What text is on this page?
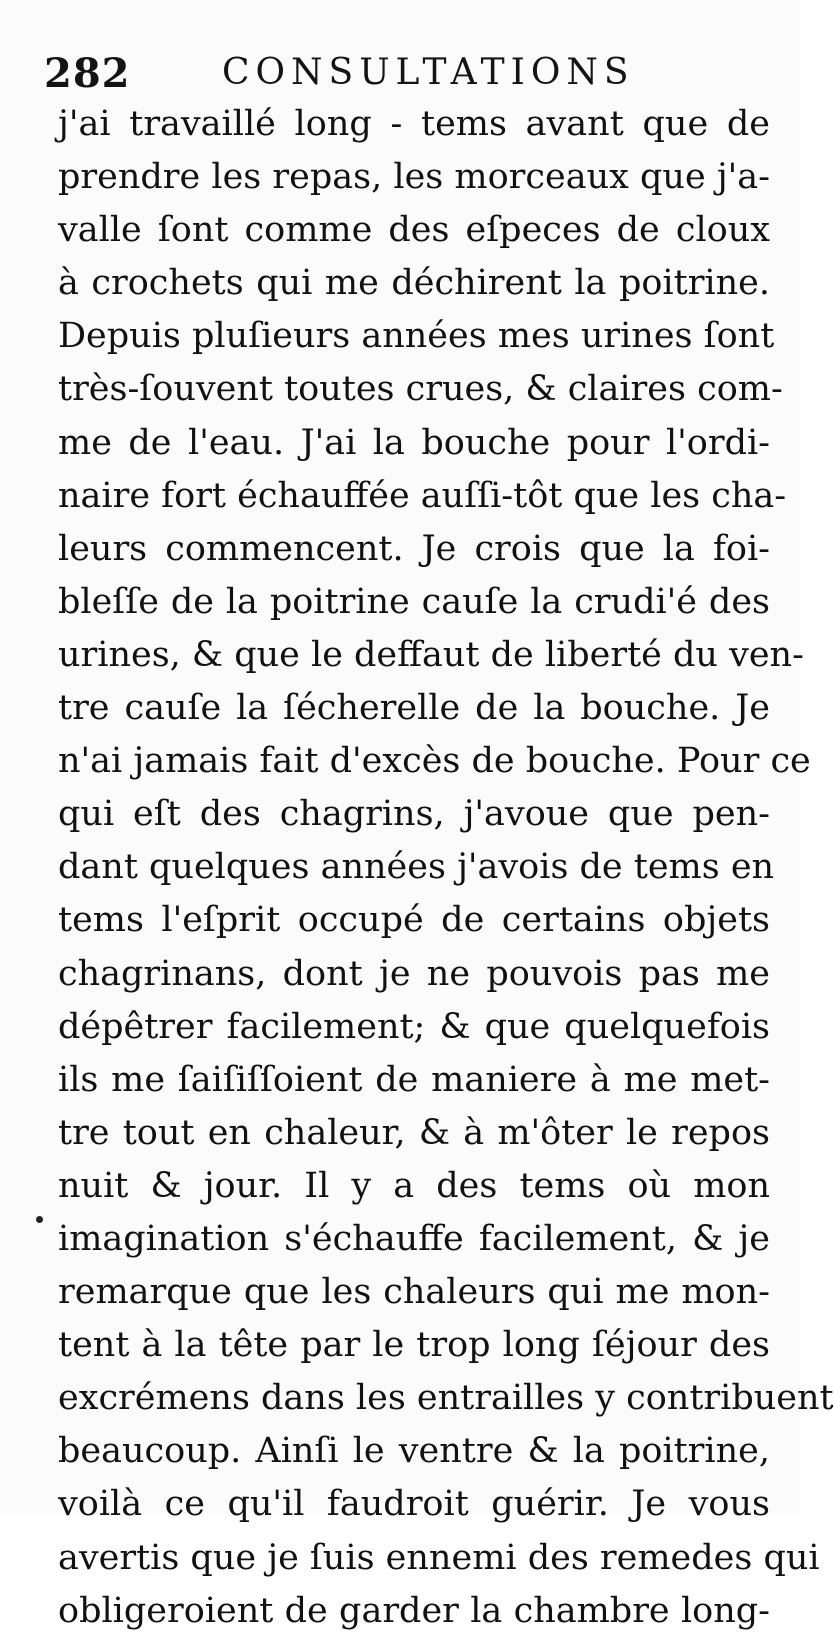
282	CONSULTATIONS
j'ai travaillé long - tems avant que de
prendre les repas, les morceaux que j'a-
valle ſont comme des eſpeces de cloux
à crochets qui me déchirent la poitrine.
Depuis pluſieurs années mes urines ſont
très-ſouvent toutes crues, & claires com-
me de l'eau. J'ai la bouche pour l'ordi-
naire fort échauffée auſſi-tôt que les cha-
leurs commencent. Je crois que la foi-
bleſſe de la poitrine cauſe la crudi'é des
urines, & que le deffaut de liberté du ven-
tre cauſe la ſécherelle de la bouche. Je
n'ai jamais fait d'excès de bouche. Pour ce
qui eſt des chagrins, j'avoue que pen-
dant quelques années j'avois de tems en
tems l'eſprit occupé de certains objets
chagrinans, dont je ne pouvois pas me
dépêtrer facilement; & que quelquefois
ils me ſaiſiſſoient de maniere à me met-
tre tout en chaleur, & à m'ôter le repos
nuit & jour. Il y a des tems où mon
imagination s'échauffe facilement, & je
remarque que les chaleurs qui me mon-
tent à la tête par le trop long ſéjour des
excrémens dans les entrailles y contribuent
beaucoup. Ainſi le ventre & la poitrine,
voilà ce qu'il faudroit guérir. Je vous
avertis que je ſuis ennemi des remedes qui
obligeroient de garder la chambre long-
